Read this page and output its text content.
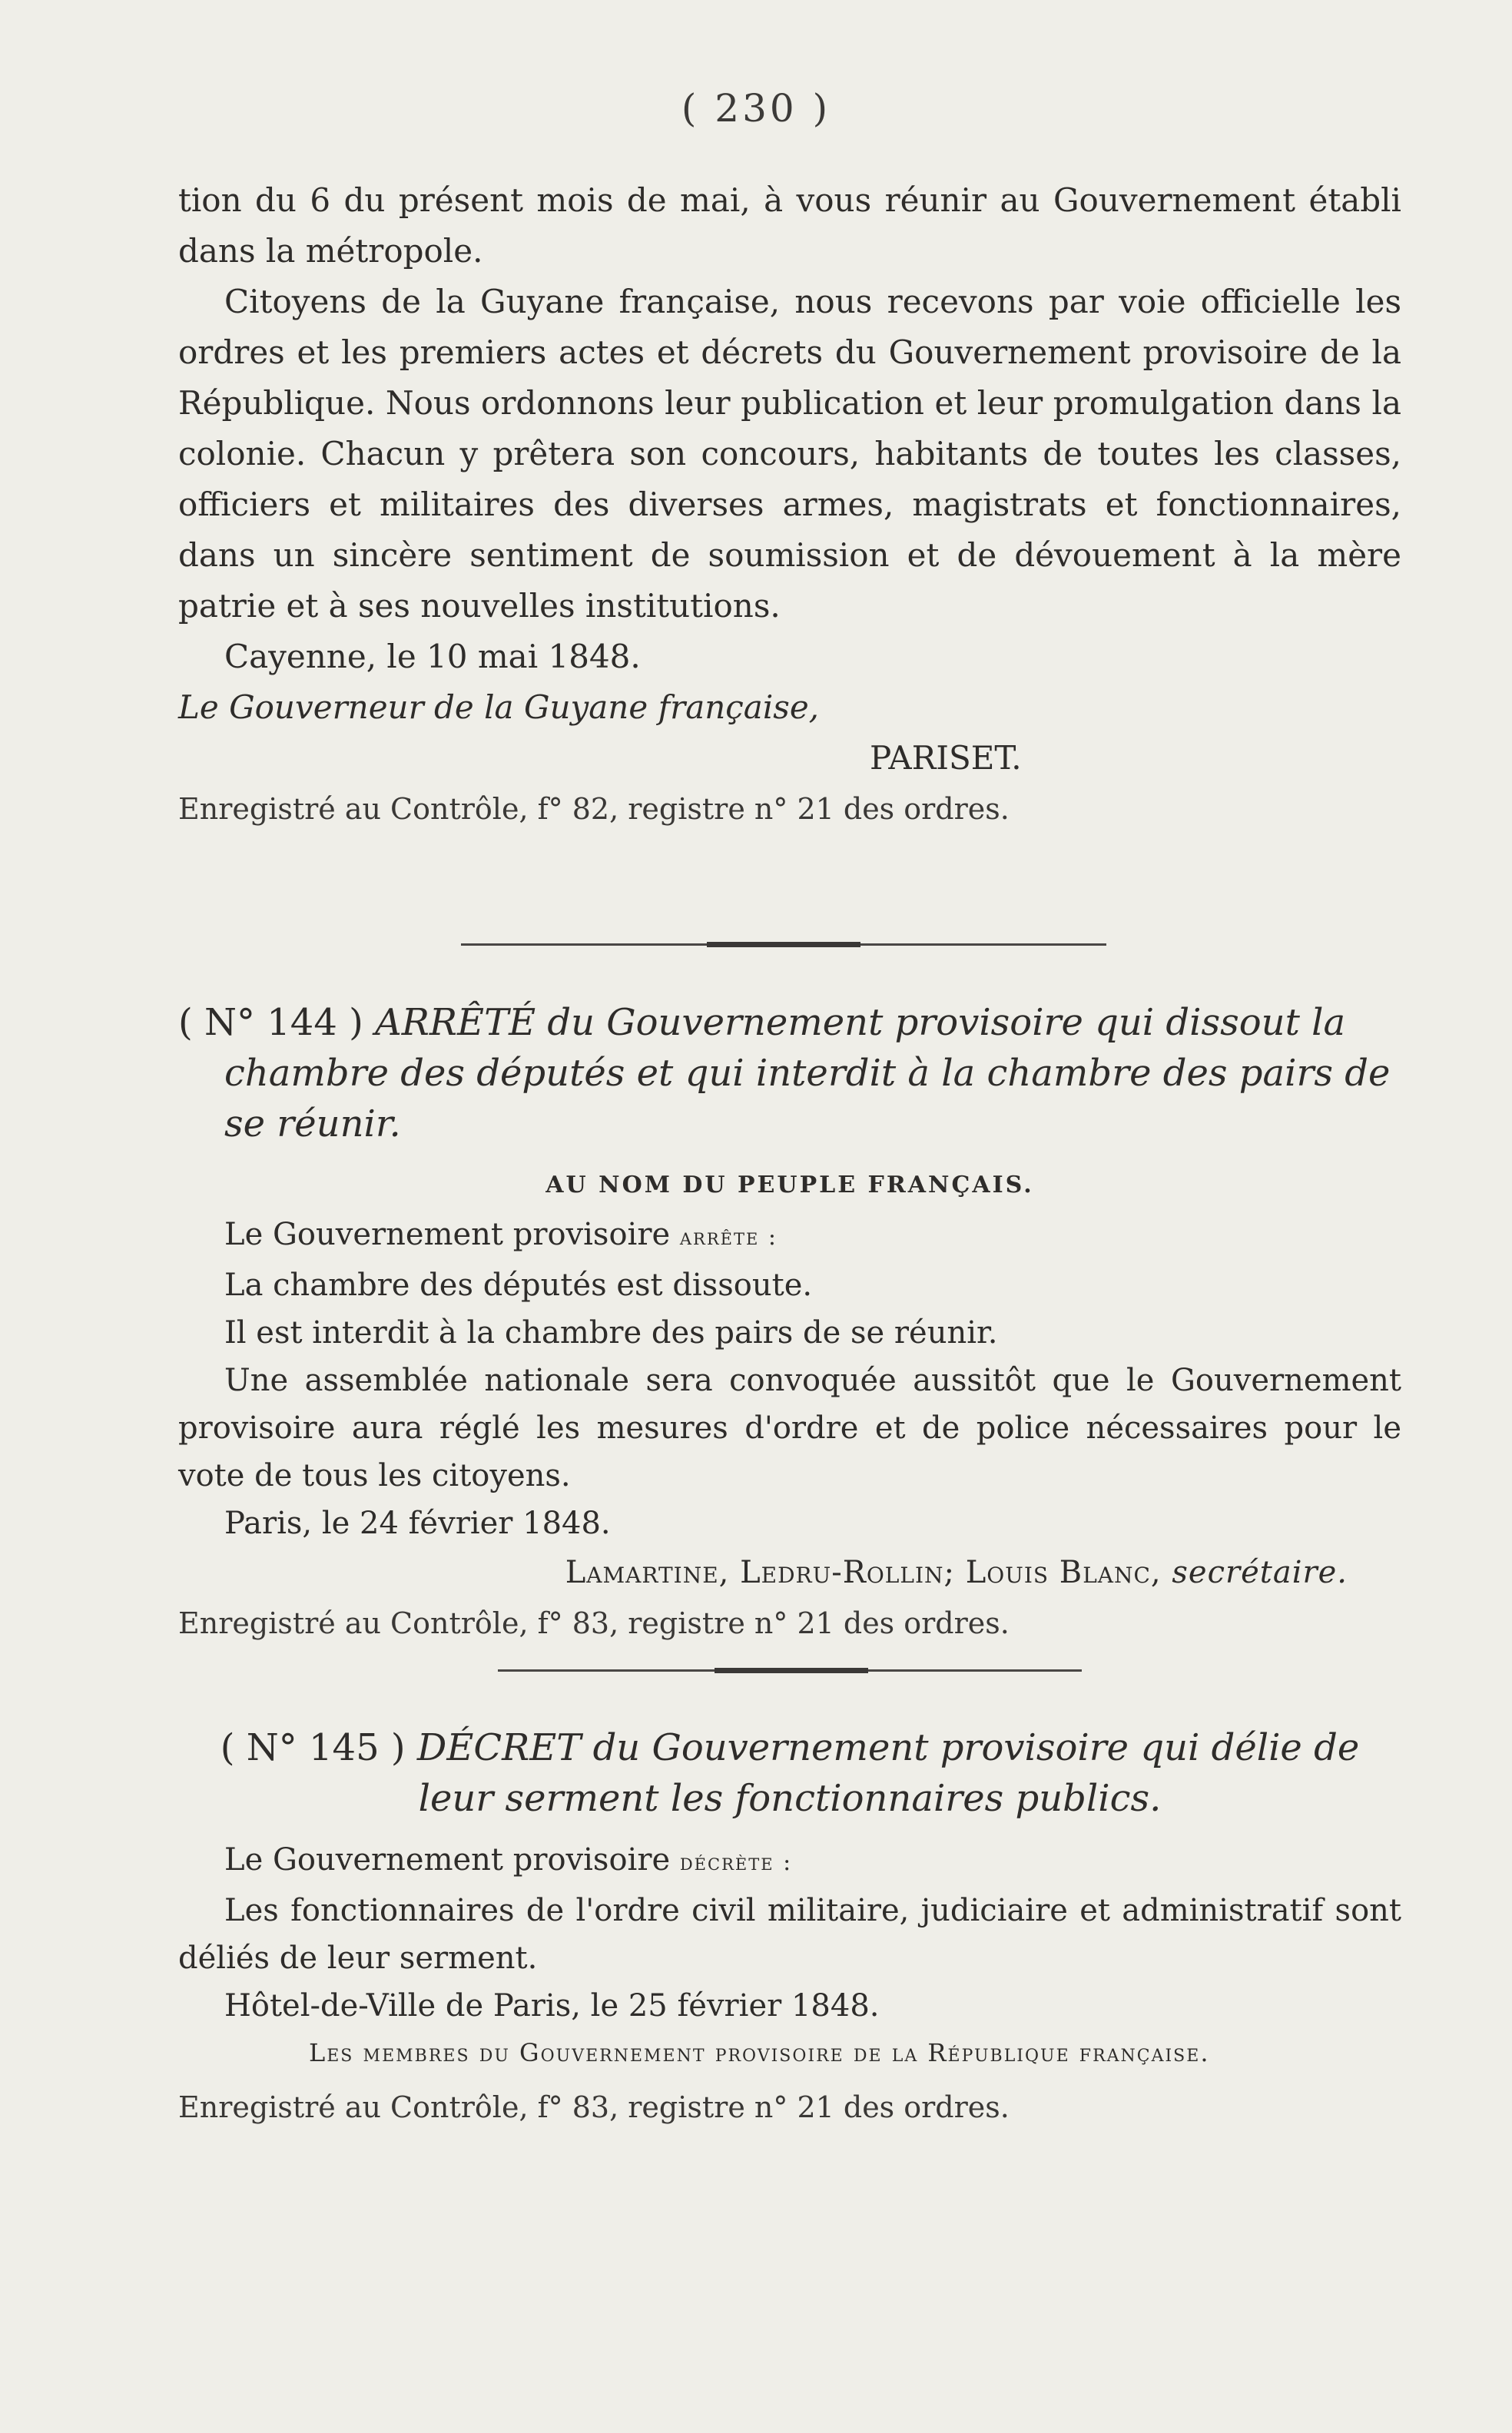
( 230 )
tion du 6 du présent mois de mai, à vous réunir au Gouvernement établi dans la métropole.
Citoyens de la Guyane française, nous recevons par voie officielle les ordres et les premiers actes et décrets du Gouvernement provisoire de la République. Nous ordonnons leur publication et leur promulgation dans la colonie. Chacun y prêtera son concours, habitants de toutes les classes, officiers et militaires des diverses armes, magistrats et fonctionnaires, dans un sincère sentiment de soumission et de dévouement à la mère patrie et à ses nouvelles institutions.
Cayenne, le 10 mai 1848.
Le Gouverneur de la Guyane française,
PARISET.
Enregistré au Contrôle, f° 82, registre n° 21 des ordres.
( N° 144 ) ARRÊTÉ du Gouvernement provisoire qui dissout la chambre des députés et qui interdit à la chambre des pairs de se réunir.
AU NOM DU PEUPLE FRANÇAIS.
Le Gouvernement provisoire arrête :
La chambre des députés est dissoute.
Il est interdit à la chambre des pairs de se réunir.
Une assemblée nationale sera convoquée aussitôt que le Gouvernement provisoire aura réglé les mesures d'ordre et de police nécessaires pour le vote de tous les citoyens.
Paris, le 24 février 1848.
Lamartine, Ledru-Rollin; Louis Blanc, secrétaire.
Enregistré au Contrôle, f° 83, registre n° 21 des ordres.
( N° 145 ) DÉCRET du Gouvernement provisoire qui délie de leur serment les fonctionnaires publics.
Le Gouvernement provisoire décrète :
Les fonctionnaires de l'ordre civil militaire, judiciaire et administratif sont déliés de leur serment.
Hôtel-de-Ville de Paris, le 25 février 1848.
Les membres du Gouvernement provisoire de la République française.
Enregistré au Contrôle, f° 83, registre n° 21 des ordres.
